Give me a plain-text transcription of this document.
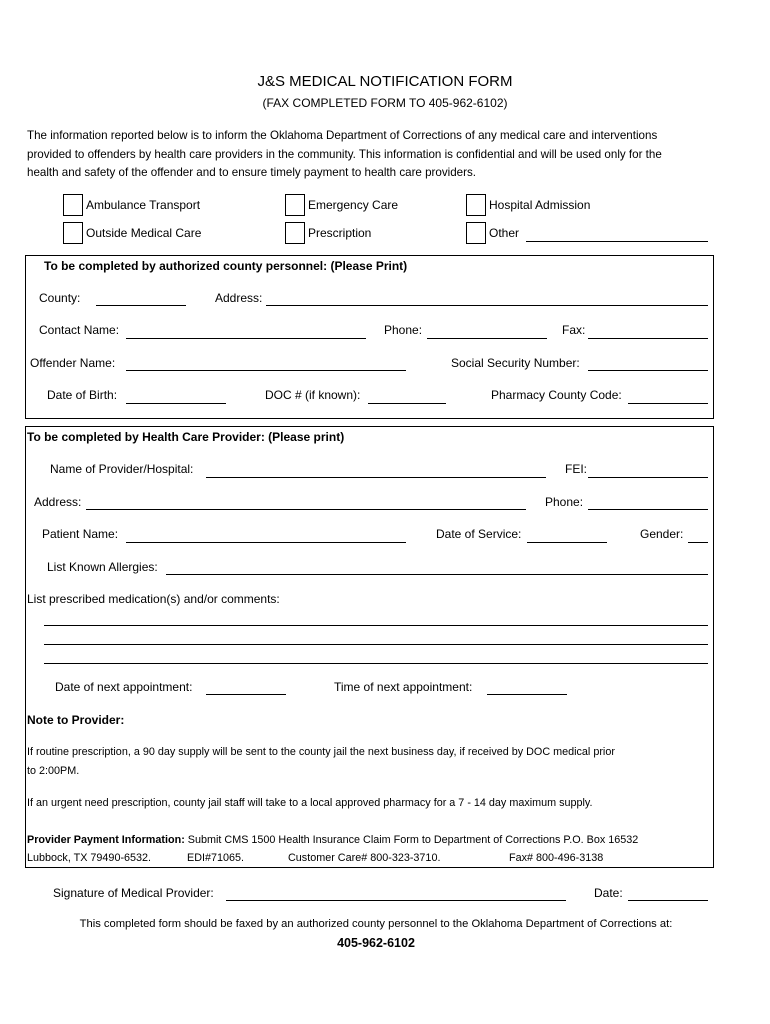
J&S MEDICAL NOTIFICATION FORM
(FAX COMPLETED FORM TO 405-962-6102)
The information reported below is to inform the Oklahoma Department of Corrections of any medical care and interventions
provided to offenders by health care providers in the community. This information is confidential and will be used only for the
health and safety of the offender and to ensure timely payment to health care providers.
Ambulance Transport	Emergency Care	Hospital Admission
Outside Medical Care	Prescription	Other
To be completed by authorized county personnel: (Please Print)
County:	Address:
Contact Name:	Phone:	Fax:
Offender Name:	Social Security Number:
Date of Birth:	DOC # (if known):	Pharmacy County Code:
To be completed by Health Care Provider: (Please print)
Name of Provider/Hospital:	FEI:
Address:	Phone:
Patient Name:	Date of Service:	Gender:
List Known Allergies:
List prescribed medication(s) and/or comments:
Date of next appointment:	Time of next appointment:
Note to Provider:
If routine prescription, a 90 day supply will be sent to the county jail the next business day, if received by DOC medical prior
to 2:00PM.
If an urgent need prescription, county jail staff will take to a local approved pharmacy for a 7 - 14 day maximum supply.
Provider Payment Information: Submit CMS 1500 Health Insurance Claim Form to Department of Corrections P.O. Box 16532
Lubbock, TX 79490-6532.	EDI#71065.	Customer Care# 800-323-3710.	Fax# 800-496-3138
Signature of Medical Provider:	Date:
This completed form should be faxed by an authorized county personnel to the Oklahoma Department of Corrections at:
405-962-6102
